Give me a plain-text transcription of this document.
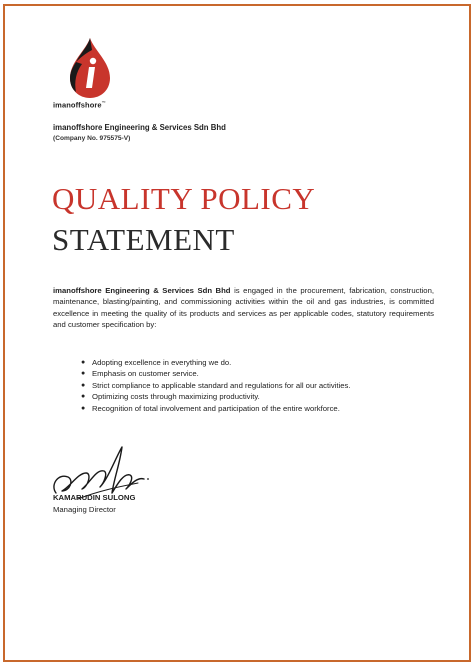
imanoffshore™
imanoffshore Engineering & Services Sdn Bhd
(Company No. 975575-V)
QUALITY POLICY
STATEMENT
imanoffshore Engineering & Services Sdn Bhd is engaged in the procurement, fabrication, construction, maintenance, blasting/painting, and commissioning activities within the oil and gas industries, is committed excellence in meeting the quality of its products and services as per applicable codes, statutory requirements and customer specification by:
● Adopting excellence in everything we do.
● Emphasis on customer service.
● Strict compliance to applicable standard and regulations for all our activities.
● Optimizing costs through maximizing productivity.
● Recognition of total involvement and participation of the entire workforce.
KAMARUDIN SULONG
Managing Director
